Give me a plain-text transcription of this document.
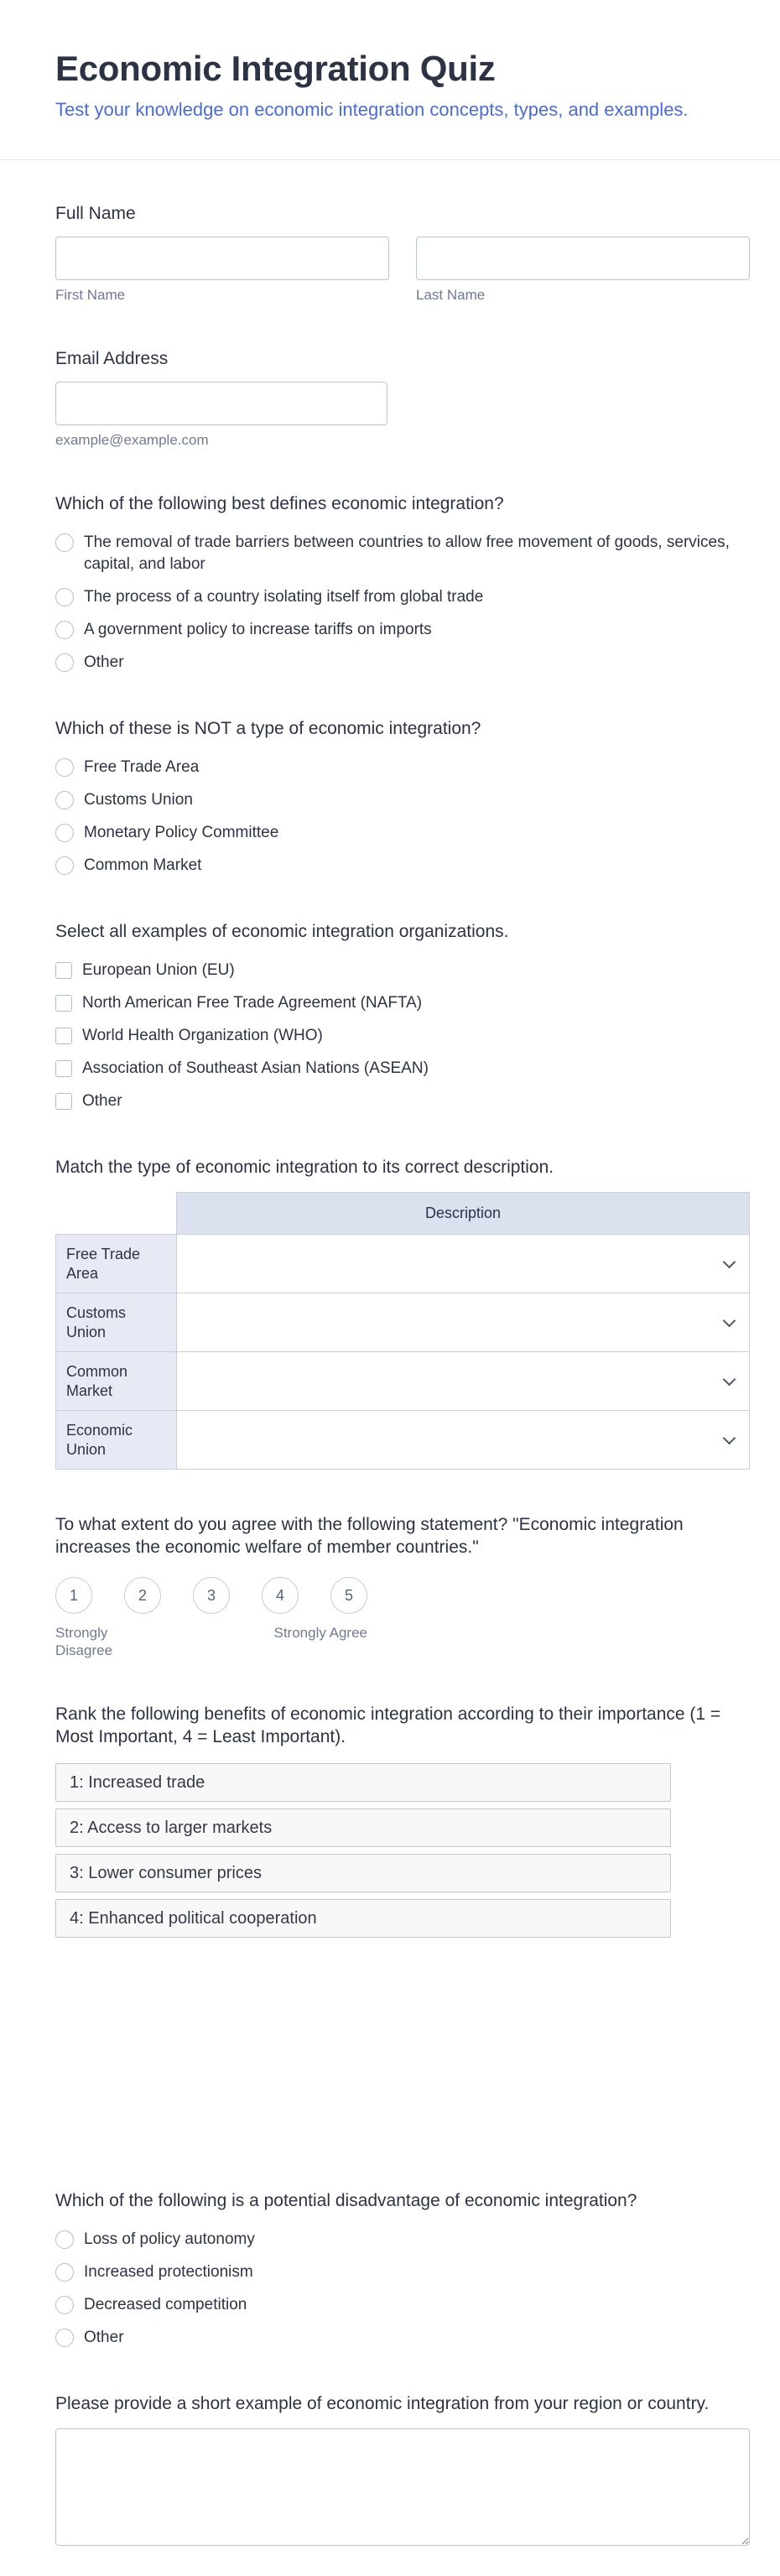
Economic Integration Quiz
Test your knowledge on economic integration concepts, types, and examples.
Full Name
First Name	Last Name
Email Address
example@example.com
Which of the following best defines economic integration?
The removal of trade barriers between countries to allow free movement of goods, services, capital, and labor
The process of a country isolating itself from global trade
A government policy to increase tariffs on imports
Other
Which of these is NOT a type of economic integration?
Free Trade Area
Customs Union
Monetary Policy Committee
Common Market
Select all examples of economic integration organizations.
European Union (EU)
North American Free Trade Agreement (NAFTA)
World Health Organization (WHO)
Association of Southeast Asian Nations (ASEAN)
Other
Match the type of economic integration to its correct description.
	Description
Free Trade Area	

Customs Union	

Common Market	

Economic Union	
To what extent do you agree with the following statement? "Economic integration increases the economic welfare of member countries."
1	2	3	4	5
Strongly Disagree
Strongly Agree
Rank the following benefits of economic integration according to their importance (1 = Most Important, 4 = Least Important).
1: Increased trade
2: Access to larger markets
3: Lower consumer prices
4: Enhanced political cooperation
Which of the following is a potential disadvantage of economic integration?
Loss of policy autonomy
Increased protectionism
Decreased competition
Other
Please provide a short example of economic integration from your region or country.
